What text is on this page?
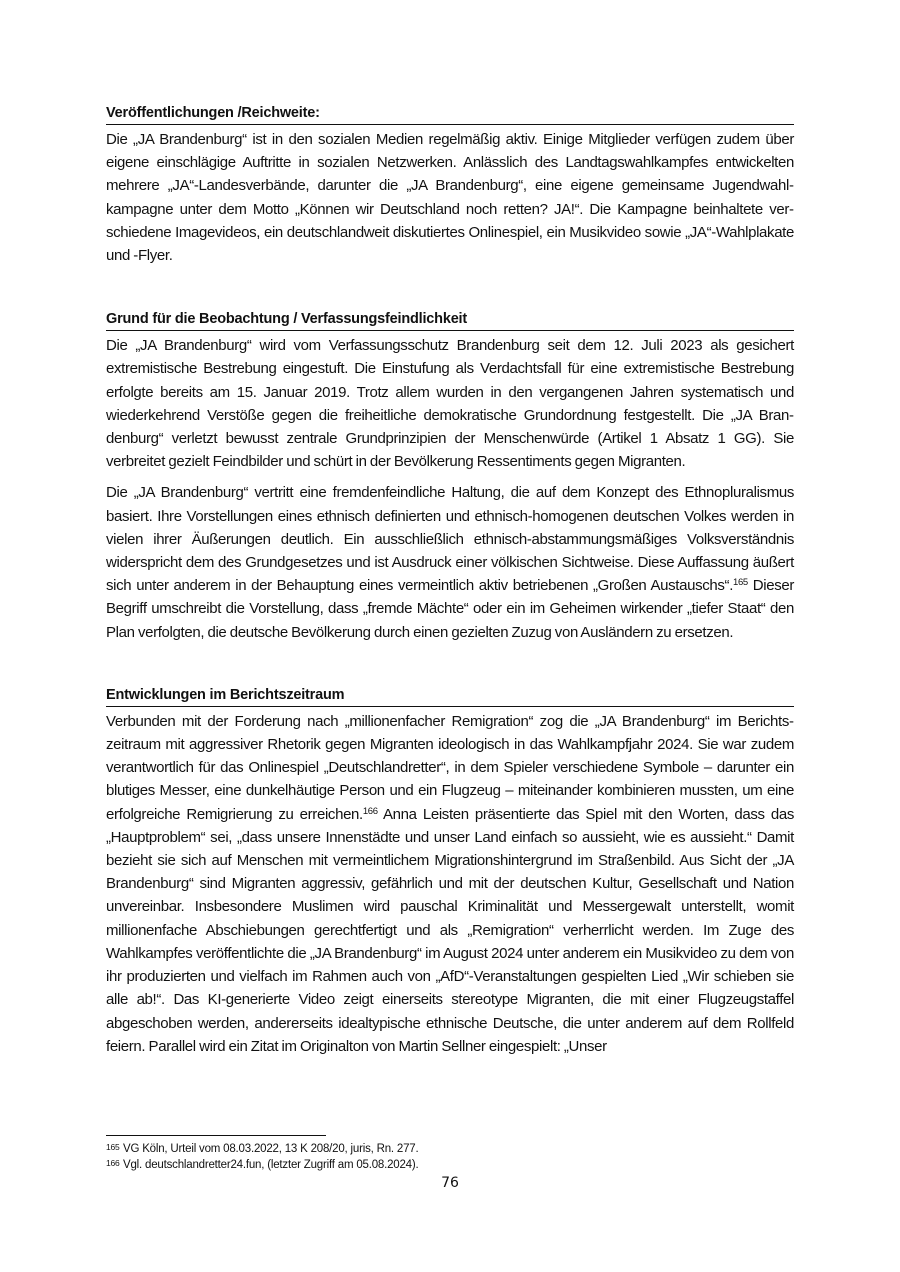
Veröffentlichungen /Reichweite:

Die „JA Brandenburg“ ist in den sozialen Medien regelmäßig aktiv. Einige Mitglieder verfügen zudem über eigene einschlägige Auftritte in sozialen Netzwerken. Anlässlich des Landtagswahlkampfes entwickelten mehrere „JA“-Landesverbände, darunter die „JA Brandenburg“, eine eigene gemeinsame Jugendwahlkampagne unter dem Motto „Können wir Deutschland noch retten? JA!“. Die Kampagne beinhaltete verschiedene Imagevideos, ein deutschlandweit diskutiertes Onlinespiel, ein Musikvideo sowie „JA“-Wahlplakate und -Flyer.

Grund für die Beobachtung / Verfassungsfeindlichkeit

Die „JA Brandenburg“ wird vom Verfassungsschutz Brandenburg seit dem 12. Juli 2023 als gesichert extremistische Bestrebung eingestuft. Die Einstufung als Verdachtsfall für eine extremistische Bestrebung erfolgte bereits am 15. Januar 2019. Trotz allem wurden in den vergangenen Jahren systematisch und wiederkehrend Verstöße gegen die freiheitliche demokratische Grundordnung festgestellt. Die „JA Brandenburg“ verletzt bewusst zentrale Grundprinzipien der Menschenwürde (Artikel 1 Absatz 1 GG). Sie verbreitet gezielt Feindbilder und schürt in der Bevölkerung Ressentiments gegen Migranten.

Die „JA Brandenburg“ vertritt eine fremdenfeindliche Haltung, die auf dem Konzept des Ethnopluralismus basiert. Ihre Vorstellungen eines ethnisch definierten und ethnisch-homogenen deutschen Volkes werden in vielen ihrer Äußerungen deutlich. Ein ausschließlich ethnisch-abstammungsmäßiges Volksverständnis widerspricht dem des Grundgesetzes und ist Ausdruck einer völkischen Sichtweise. Diese Auffassung äußert sich unter anderem in der Behauptung eines vermeintlich aktiv betriebenen „Großen Austauschs“.$^{165}$ Dieser Begriff umschreibt die Vorstellung, dass „fremde Mächte“ oder ein im Geheimen wirkender „tiefer Staat“ den Plan verfolgten, die deutsche Bevölkerung durch einen gezielten Zuzug von Ausländern zu ersetzen.

Entwicklungen im Berichtszeitraum

Verbunden mit der Forderung nach „millionenfacher Remigration“ zog die „JA Brandenburg“ im Berichtszeitraum mit aggressiver Rhetorik gegen Migranten ideologisch in das Wahlkampfjahr 2024. Sie war zudem verantwortlich für das Onlinespiel „Deutschlandretter“, in dem Spieler verschiedene Symbole – darunter ein blutiges Messer, eine dunkelhäutige Person und ein Flugzeug – miteinander kombinieren mussten, um eine erfolgreiche Remigrierung zu erreichen.$^{166}$ Anna Leisten präsentierte das Spiel mit den Worten, dass das „Hauptproblem“ sei, „dass unsere Innenstädte und unser Land einfach so aussieht, wie es aussieht.“ Damit bezieht sie sich auf Menschen mit vermeintlichem Migrationshintergrund im Straßenbild. Aus Sicht der „JA Brandenburg“ sind Migranten aggressiv, gefährlich und mit der deutschen Kultur, Gesellschaft und Nation unvereinbar. Insbesondere Muslimen wird pauschal Kriminalität und Messergewalt unterstellt, womit millionenfache Abschiebungen gerechtfertigt und als „Remigration“ verherrlicht werden. Im Zuge des Wahlkampfes veröffentlichte die „JA Brandenburg“ im August 2024 unter anderem ein Musikvideo zu dem von ihr produzierten und vielfach im Rahmen auch von „AfD“-Veranstaltungen gespielten Lied „Wir schieben sie alle ab!“. Das KI-generierte Video zeigt einerseits stereotype Migranten, die mit einer Flugzeugstaffel abgeschoben werden, andererseits idealtypische ethnische Deutsche, die unter anderem auf dem Rollfeld feiern. Parallel wird ein Zitat im Originalton von Martin Sellner eingespielt: „Unser

165 VG Köln, Urteil vom 08.03.2022, 13 K 208/20, juris, Rn. 277.
166 Vgl. deutschlandretter24.fun, (letzter Zugriff am 05.08.2024).
76
